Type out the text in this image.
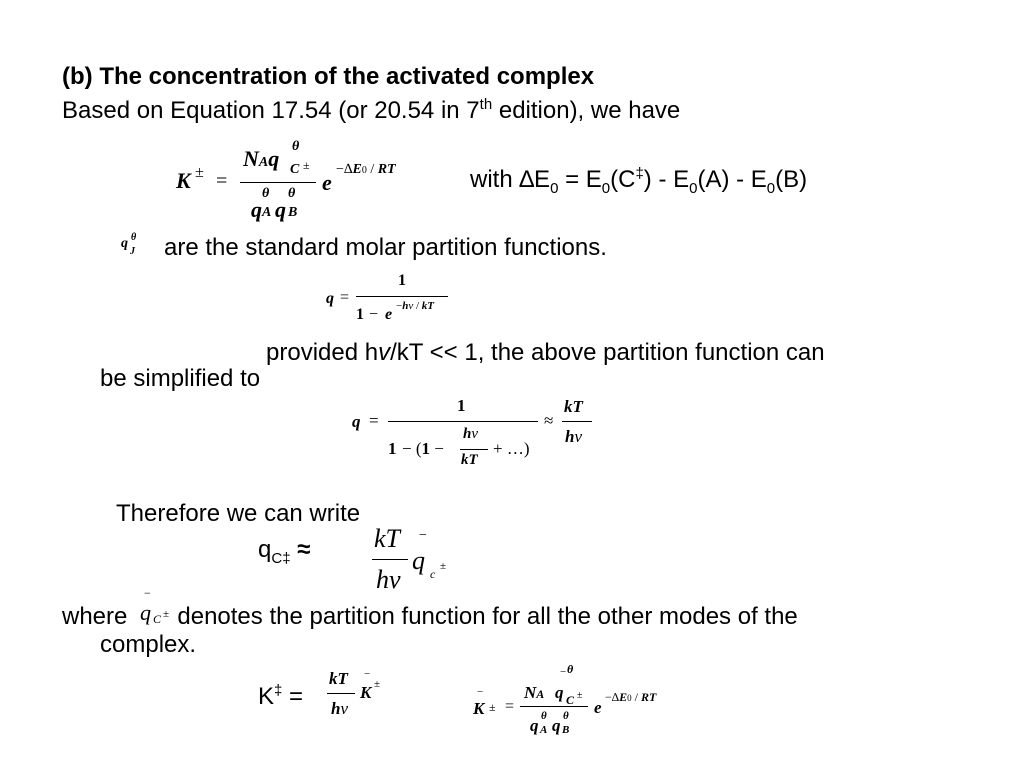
(b) The concentration of the activated complex
Based on Equation 17.54 (or 20.54 in 7th edition), we have
K ± =
NAq θ
C ±
q
θ
A q
θ
B
e
−∆E0 / RT	with $\Delta E_0 = E_0(C^\ddagger) - E_0(A) - E_0(B)$
q θ
J are the standard molar partition functions.
q =
1
1 − e −hv / kT
provided hv/kT << 1, the above partition function can
be simplified to
q =
1
1 − (1 −
hv
kT
+ …)
≈
kT
hv
Therefore we can write
$q_{C\ddagger}$ ≈ kT
hv
q c
±
−
where denotes the partition function for all the other modes of the
−
q C ±
complex.
K‡ =
kT
hv
K ±
−
−
K ± =
NA q
− θ
C ±
q θ
A q θ
B
e
−∆E0 / RT
